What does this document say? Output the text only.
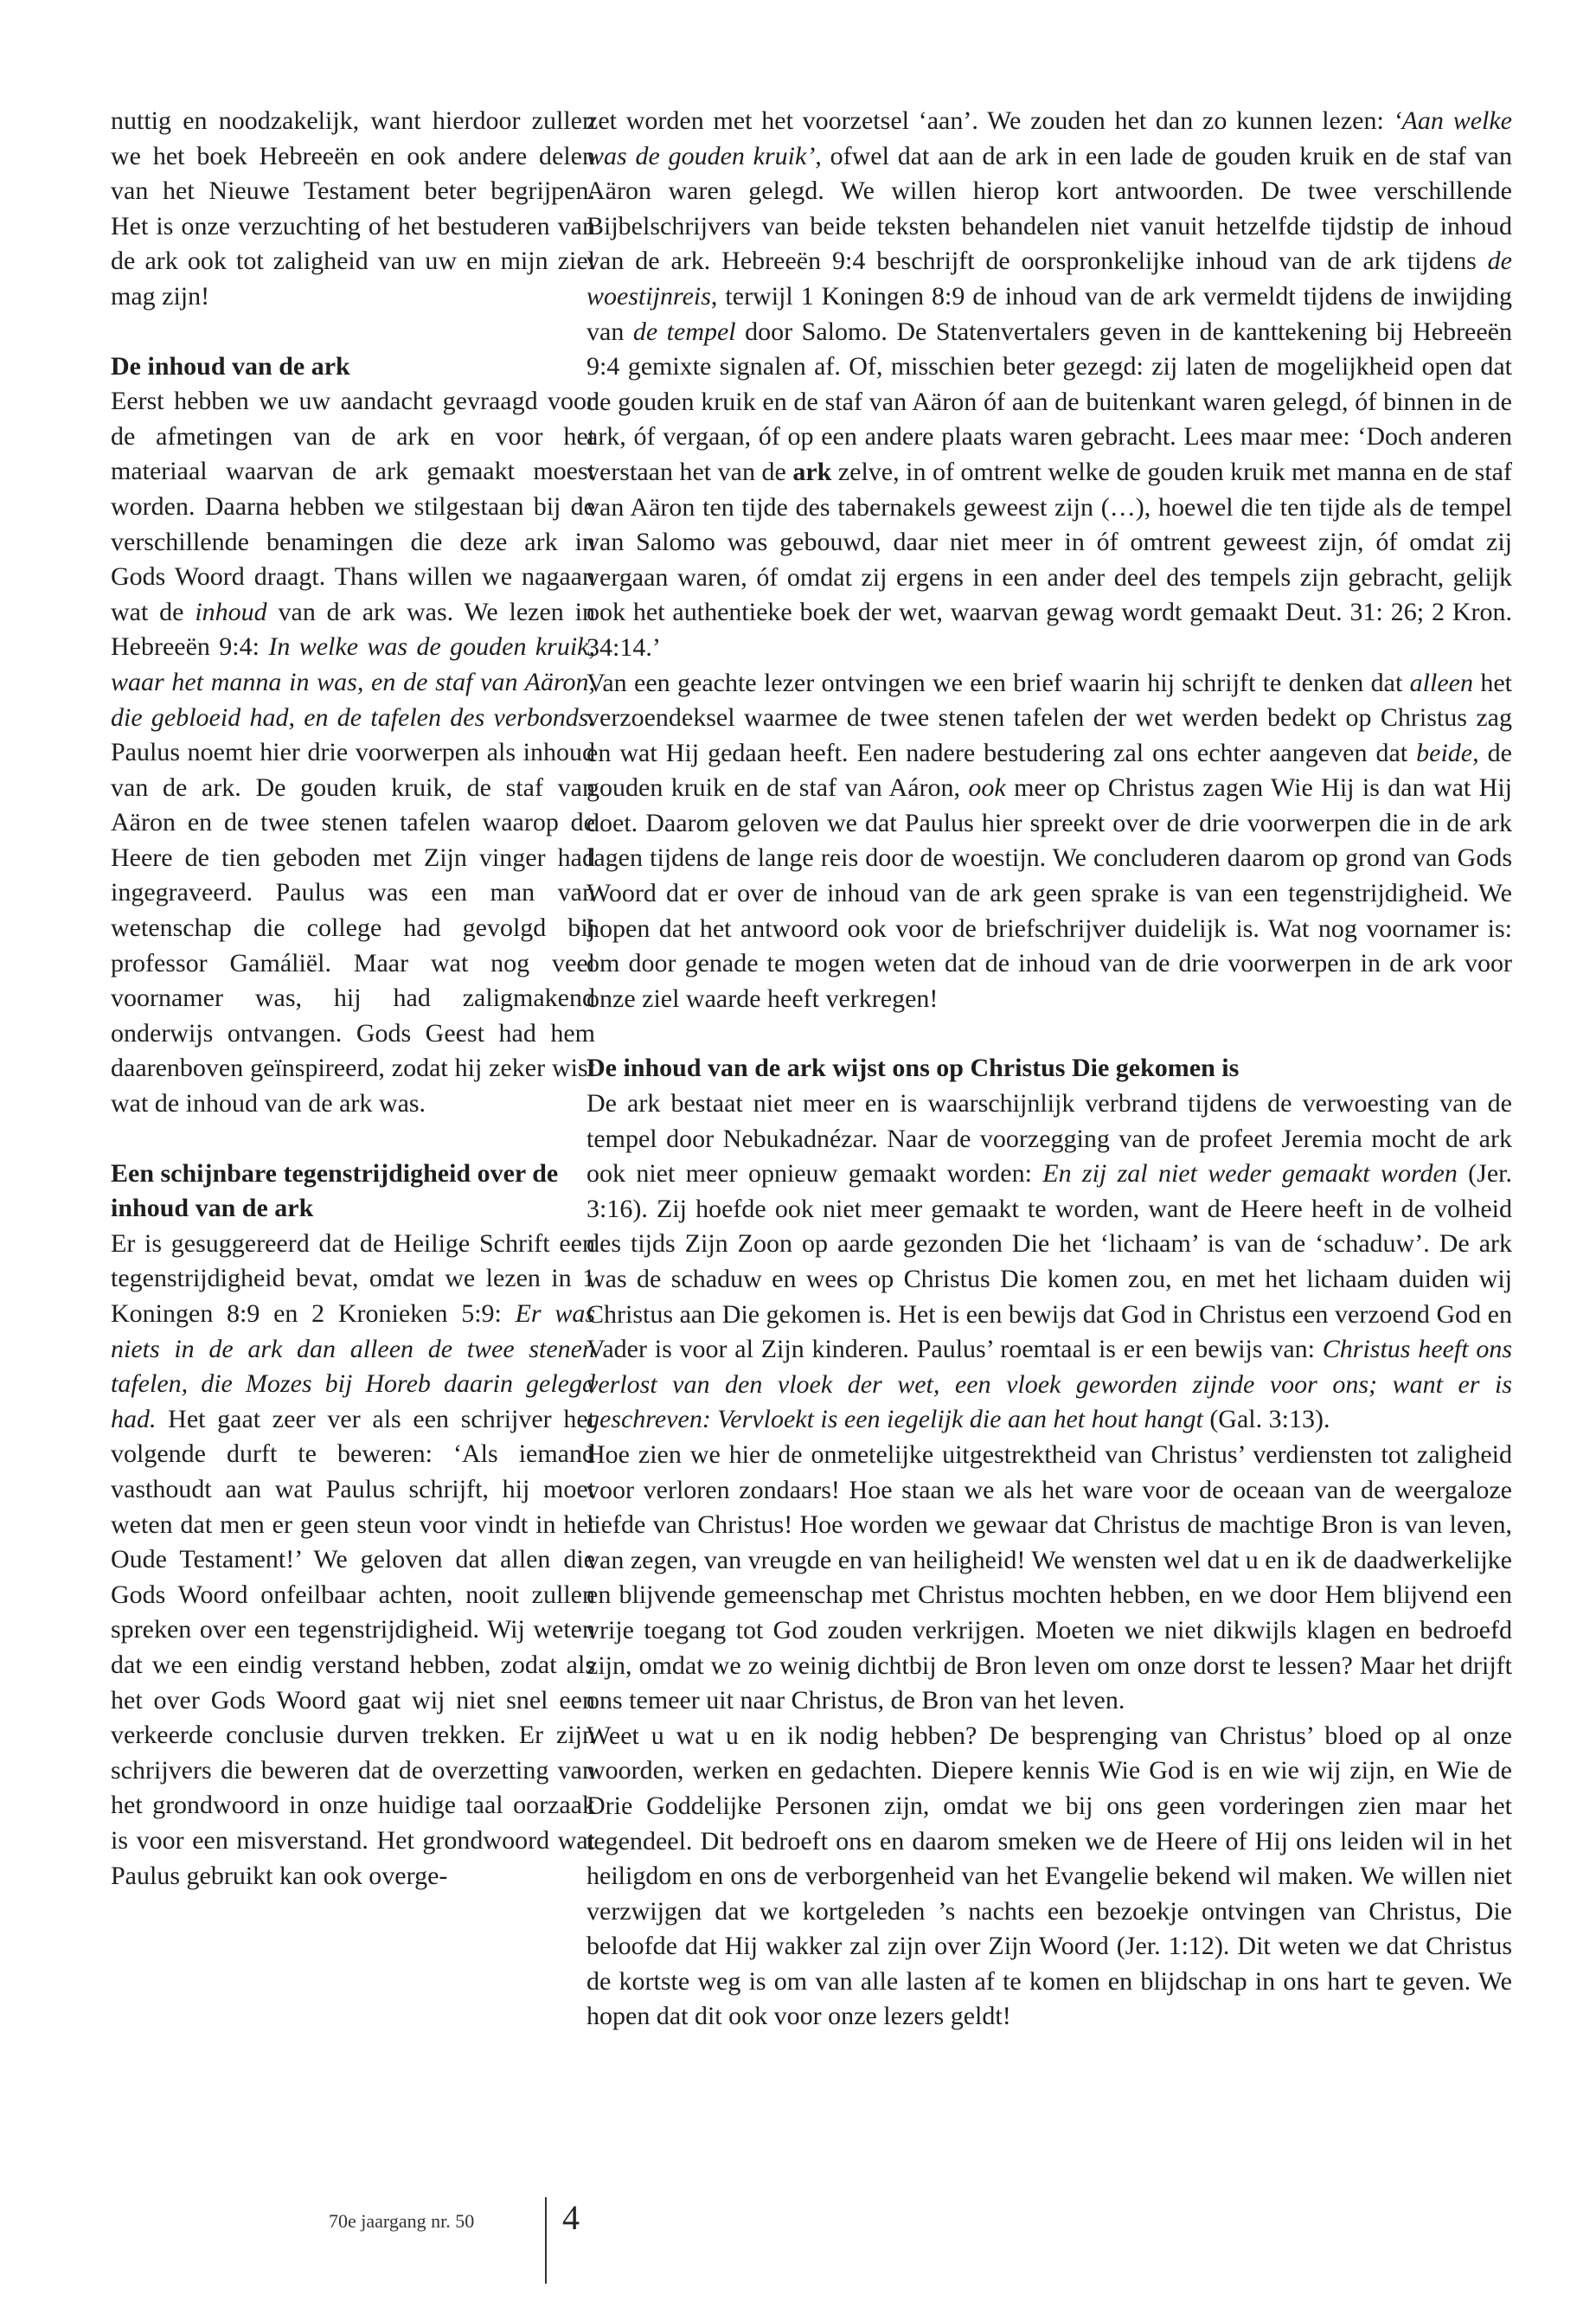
nuttig en noodzakelijk, want hierdoor zullen we het boek Hebreeën en ook andere delen van het Nieuwe Testament beter begrijpen. Het is onze verzuchting of het bestuderen van de ark ook tot zaligheid van uw en mijn ziel mag zijn!

De inhoud van de ark

Eerst hebben we uw aandacht gevraagd voor de afmetingen van de ark en voor het materiaal waarvan de ark gemaakt moest worden. Daarna hebben we stilgestaan bij de verschillende benamingen die deze ark in Gods Woord draagt. Thans willen we nagaan wat de inhoud van de ark was. We lezen in Hebreeën 9:4: In welke was de gouden kruik, waar het manna in was, en de staf van Aäron, die gebloeid had, en de tafelen des verbonds. Paulus noemt hier drie voorwerpen als inhoud van de ark. De gouden kruik, de staf van Aäron en de twee stenen tafelen waarop de Heere de tien geboden met Zijn vinger had ingegraveerd. Paulus was een man van wetenschap die college had gevolgd bij professor Gamáliël. Maar wat nog veel voornamer was, hij had zaligmakend onderwijs ontvangen. Gods Geest had hem daarenboven geïnspireerd, zodat hij zeker wist wat de inhoud van de ark was.

Een schijnbare tegenstrijdigheid over de inhoud van de ark

Er is gesuggereerd dat de Heilige Schrift een tegenstrijdigheid bevat, omdat we lezen in 1 Koningen 8:9 en 2 Kronieken 5:9: Er was niets in de ark dan alleen de twee stenen tafelen, die Mozes bij Horeb daarin gelegd had. Het gaat zeer ver als een schrijver het volgende durft te beweren: ‘Als iemand vasthoudt aan wat Paulus schrijft, hij moet weten dat men er geen steun voor vindt in het Oude Testament!’ We geloven dat allen die Gods Woord onfeilbaar achten, nooit zullen spreken over een tegenstrijdigheid. Wij weten dat we een eindig verstand hebben, zodat als het over Gods Woord gaat wij niet snel een verkeerde conclusie durven trekken. Er zijn schrijvers die beweren dat de overzetting van het grondwoord in onze huidige taal oorzaak is voor een misverstand. Het grondwoord wat Paulus gebruikt kan ook overge-

zet worden met het voorzetsel ‘aan’. We zouden het dan zo kunnen lezen: ‘Aan welke was de gouden kruik’, ofwel dat aan de ark in een lade de gouden kruik en de staf van Aäron waren gelegd. We willen hierop kort antwoorden. De twee verschillende Bijbelschrijvers van beide teksten behandelen niet vanuit hetzelfde tijdstip de inhoud van de ark. Hebreeën 9:4 beschrijft de oorspronkelijke inhoud van de ark tijdens de woestijnreis, terwijl 1 Koningen 8:9 de inhoud van de ark vermeldt tijdens de inwijding van de tempel door Salomo. De Statenvertalers geven in de kanttekening bij Hebreeën 9:4 gemixte signalen af. Of, misschien beter gezegd: zij laten de mogelijkheid open dat de gouden kruik en de staf van Aäron óf aan de buitenkant waren gelegd, óf binnen in de ark, óf vergaan, óf op een andere plaats waren gebracht. Lees maar mee: ‘Doch anderen verstaan het van de ark zelve, in of omtrent welke de gouden kruik met manna en de staf van Aäron ten tijde des tabernakels geweest zijn (…), hoewel die ten tijde als de tempel van Salomo was gebouwd, daar niet meer in óf omtrent geweest zijn, óf omdat zij vergaan waren, óf omdat zij ergens in een ander deel des tempels zijn gebracht, gelijk ook het authentieke boek der wet, waarvan gewag wordt gemaakt Deut. 31: 26; 2 Kron. 34:14.’

Van een geachte lezer ontvingen we een brief waarin hij schrijft te denken dat alleen het verzoendeksel waarmee de twee stenen tafelen der wet werden bedekt op Christus zag en wat Hij gedaan heeft. Een nadere bestudering zal ons echter aangeven dat beide, de gouden kruik en de staf van Aáron, ook meer op Christus zagen Wie Hij is dan wat Hij doet. Daarom geloven we dat Paulus hier spreekt over de drie voorwerpen die in de ark lagen tijdens de lange reis door de woestijn. We concluderen daarom op grond van Gods Woord dat er over de inhoud van de ark geen sprake is van een tegenstrijdigheid. We hopen dat het antwoord ook voor de briefschrijver duidelijk is. Wat nog voornamer is: om door genade te mogen weten dat de inhoud van de drie voorwerpen in de ark voor onze ziel waarde heeft verkregen!

De inhoud van de ark wijst ons op Christus Die gekomen is

De ark bestaat niet meer en is waarschijnlijk verbrand tijdens de verwoesting van de tempel door Nebukadnézar. Naar de voorzegging van de profeet Jeremia mocht de ark ook niet meer opnieuw gemaakt worden: En zij zal niet weder gemaakt worden (Jer. 3:16). Zij hoefde ook niet meer gemaakt te worden, want de Heere heeft in de volheid des tijds Zijn Zoon op aarde gezonden Die het ‘lichaam’ is van de ‘schaduw’. De ark was de schaduw en wees op Christus Die komen zou, en met het lichaam duiden wij Christus aan Die gekomen is. Het is een bewijs dat God in Christus een verzoend God en Vader is voor al Zijn kinderen. Paulus’ roemtaal is er een bewijs van: Christus heeft ons verlost van den vloek der wet, een vloek geworden zijnde voor ons; want er is geschreven: Vervloekt is een iegelijk die aan het hout hangt (Gal. 3:13).

Hoe zien we hier de onmetelijke uitgestrektheid van Christus’ verdiensten tot zaligheid voor verloren zondaars! Hoe staan we als het ware voor de oceaan van de weergaloze liefde van Christus! Hoe worden we gewaar dat Christus de machtige Bron is van leven, van zegen, van vreugde en van heiligheid! We wensten wel dat u en ik de daadwerkelijke en blijvende gemeenschap met Christus mochten hebben, en we door Hem blijvend een vrije toegang tot God zouden verkrijgen. Moeten we niet dikwijls klagen en bedroefd zijn, omdat we zo weinig dichtbij de Bron leven om onze dorst te lessen? Maar het drijft ons temeer uit naar Christus, de Bron van het leven.

Weet u wat u en ik nodig hebben? De besprenging van Christus’ bloed op al onze woorden, werken en gedachten. Diepere kennis Wie God is en wie wij zijn, en Wie de Drie Goddelijke Personen zijn, omdat we bij ons geen vorderingen zien maar het tegendeel. Dit bedroeft ons en daarom smeken we de Heere of Hij ons leiden wil in het heiligdom en ons de verborgenheid van het Evangelie bekend wil maken. We willen niet verzwijgen dat we kortgeleden ’s nachts een bezoekje ontvingen van Christus, Die beloofde dat Hij wakker zal zijn over Zijn Woord (Jer. 1:12). Dit weten we dat Christus de kortste weg is om van alle lasten af te komen en blijdschap in ons hart te geven. We hopen dat dit ook voor onze lezers geldt!

70e jaargang nr. 50	4
